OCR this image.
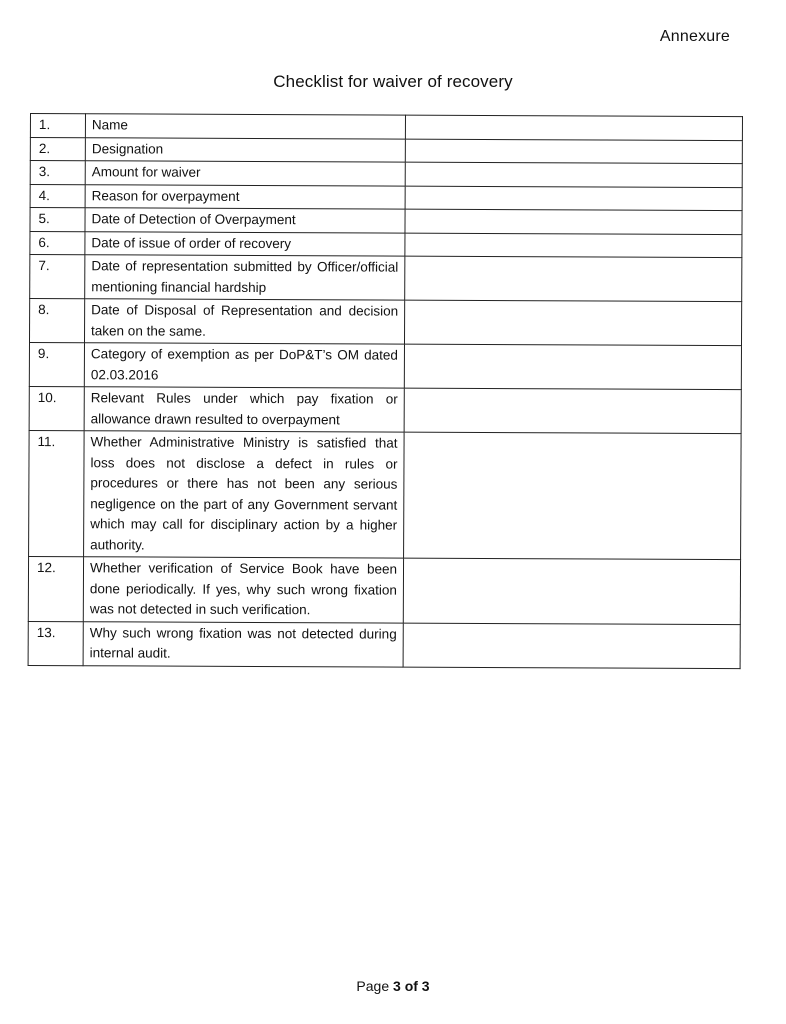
Annexure
Checklist for waiver of recovery
1.	Name	
2.	Designation	
3.	Amount for waiver	
4.	Reason for overpayment	
5.	Date of Detection of Overpayment	
6.	Date of issue of order of recovery	
7.	Date of representation submitted by Officer/official mentioning financial hardship	
8.	Date of Disposal of Representation and decision taken on the same.	
9.	Category of exemption as per DoP&T’s OM dated 02.03.2016	
10.	Relevant Rules under which pay fixation or allowance drawn resulted to overpayment	
11.	Whether Administrative Ministry is satisfied that loss does not disclose a defect in rules or procedures or there has not been any serious negligence on the part of any Government servant which may call for disciplinary action by a higher authority.	
12.	Whether verification of Service Book have been done periodically. If yes, why such wrong fixation was not detected in such verification.	
13.	Why such wrong fixation was not detected during internal audit.	
Page 3 of 3
